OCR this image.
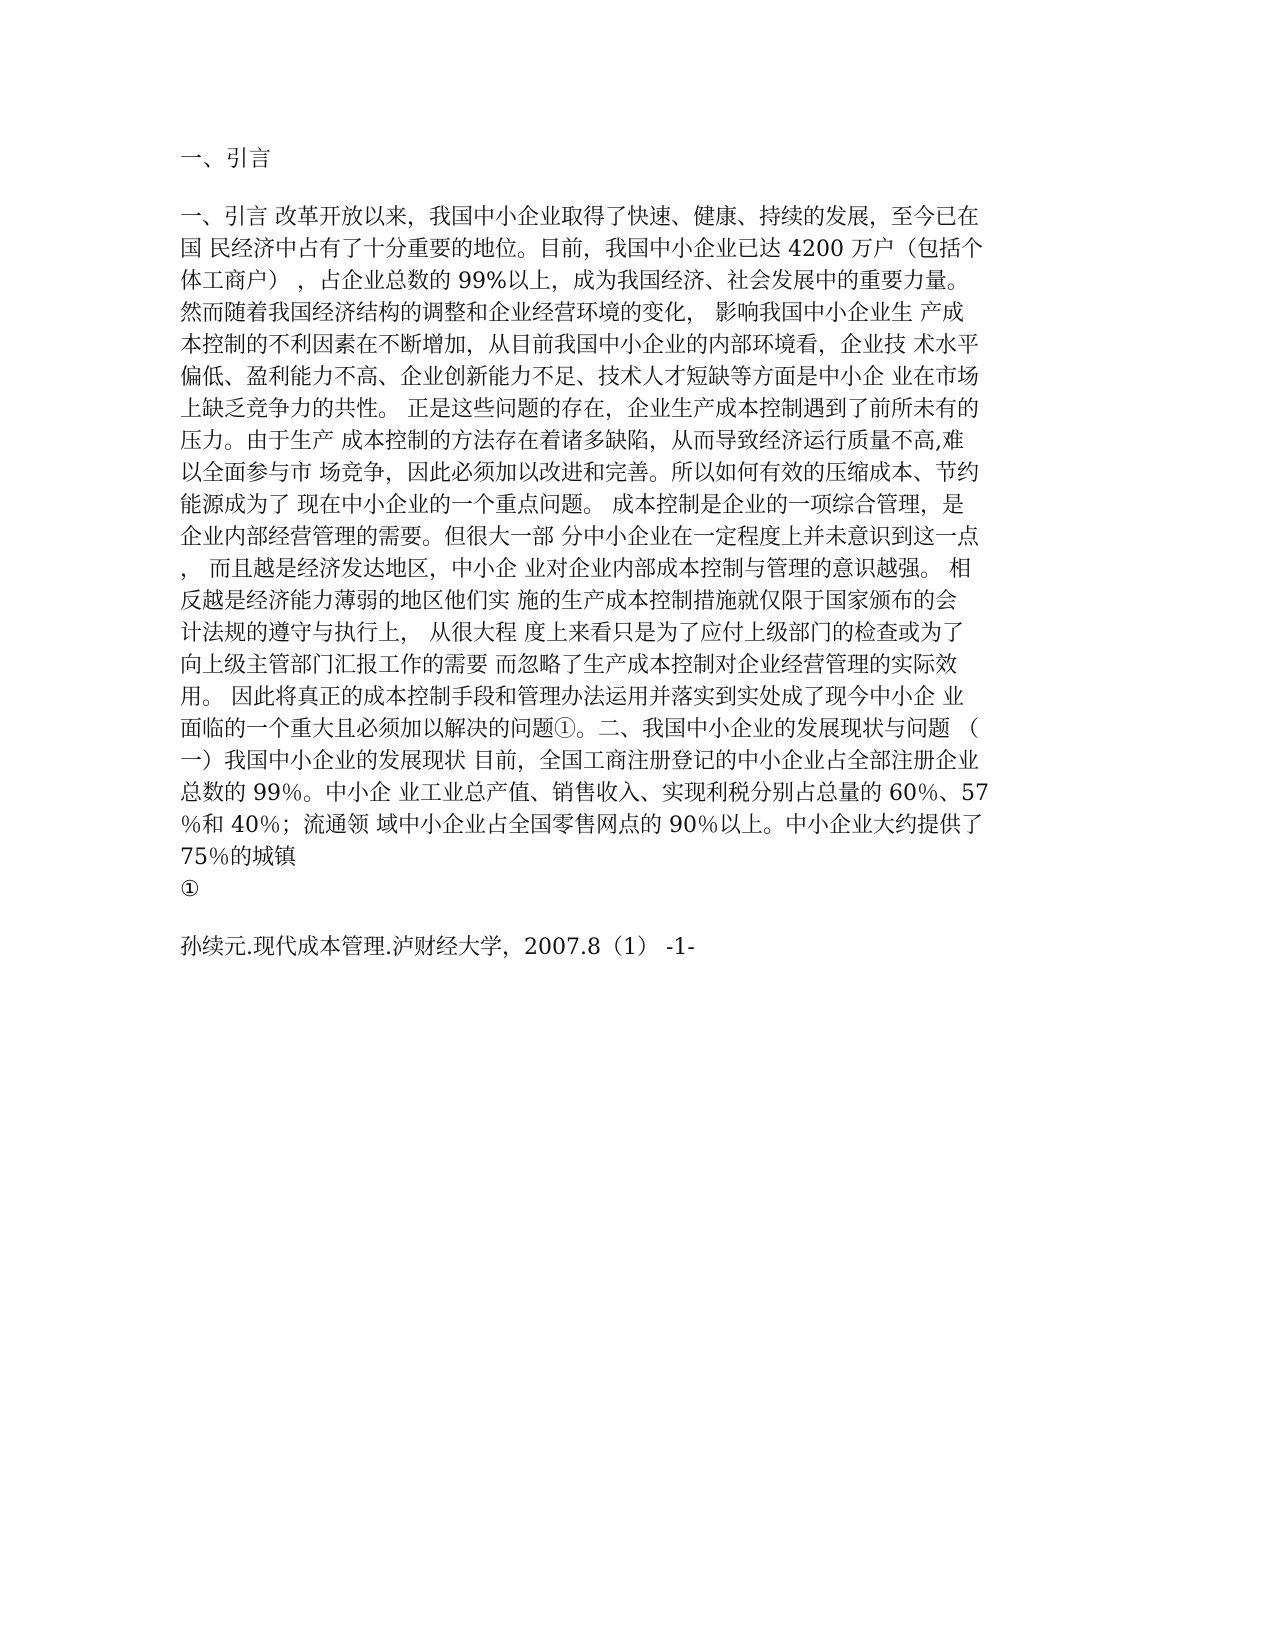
一、引言
一、引言 改革开放以来，我国中小企业取得了快速、健康、持续的发展，至今已在
国 民经济中占有了十分重要的地位。目前，我国中小企业已达 4200 万户（包括个
体工商户） ，占企业总数的 99%以上，成为我国经济、社会发展中的重要力量。
然而随着我国经济结构的调整和企业经营环境的变化， 影响我国中小企业生 产成
本控制的不利因素在不断增加，从目前我国中小企业的内部环境看，企业技 术水平
偏低、盈利能力不高、企业创新能力不足、技术人才短缺等方面是中小企 业在市场
上缺乏竞争力的共性。 正是这些问题的存在，企业生产成本控制遇到了前所未有的
压力。由于生产 成本控制的方法存在着诸多缺陷，从而导致经济运行质量不高,难
以全面参与市 场竞争，因此必须加以改进和完善。所以如何有效的压缩成本、节约
能源成为了 现在中小企业的一个重点问题。 成本控制是企业的一项综合管理，是
企业内部经营管理的需要。但很大一部 分中小企业在一定程度上并未意识到这一点
， 而且越是经济发达地区，中小企 业对企业内部成本控制与管理的意识越强。 相
反越是经济能力薄弱的地区他们实 施的生产成本控制措施就仅限于国家颁布的会
计法规的遵守与执行上， 从很大程 度上来看只是为了应付上级部门的检查或为了
向上级主管部门汇报工作的需要 而忽略了生产成本控制对企业经营管理的实际效
用。 因此将真正的成本控制手段和管理办法运用并落实到实处成了现今中小企 业
面临的一个重大且必须加以解决的问题①。二、我国中小企业的发展现状与问题 （
一）我国中小企业的发展现状 目前，全国工商注册登记的中小企业占全部注册企业
总数的 99％。中小企 业工业总产值、销售收入、实现利税分别占总量的 60％、57
％和 40％；流通领 域中小企业占全国零售网点的 90％以上。中小企业大约提供了
75％的城镇
①
孙续元.现代成本管理.泸财经大学，2007.8（1） -1-
